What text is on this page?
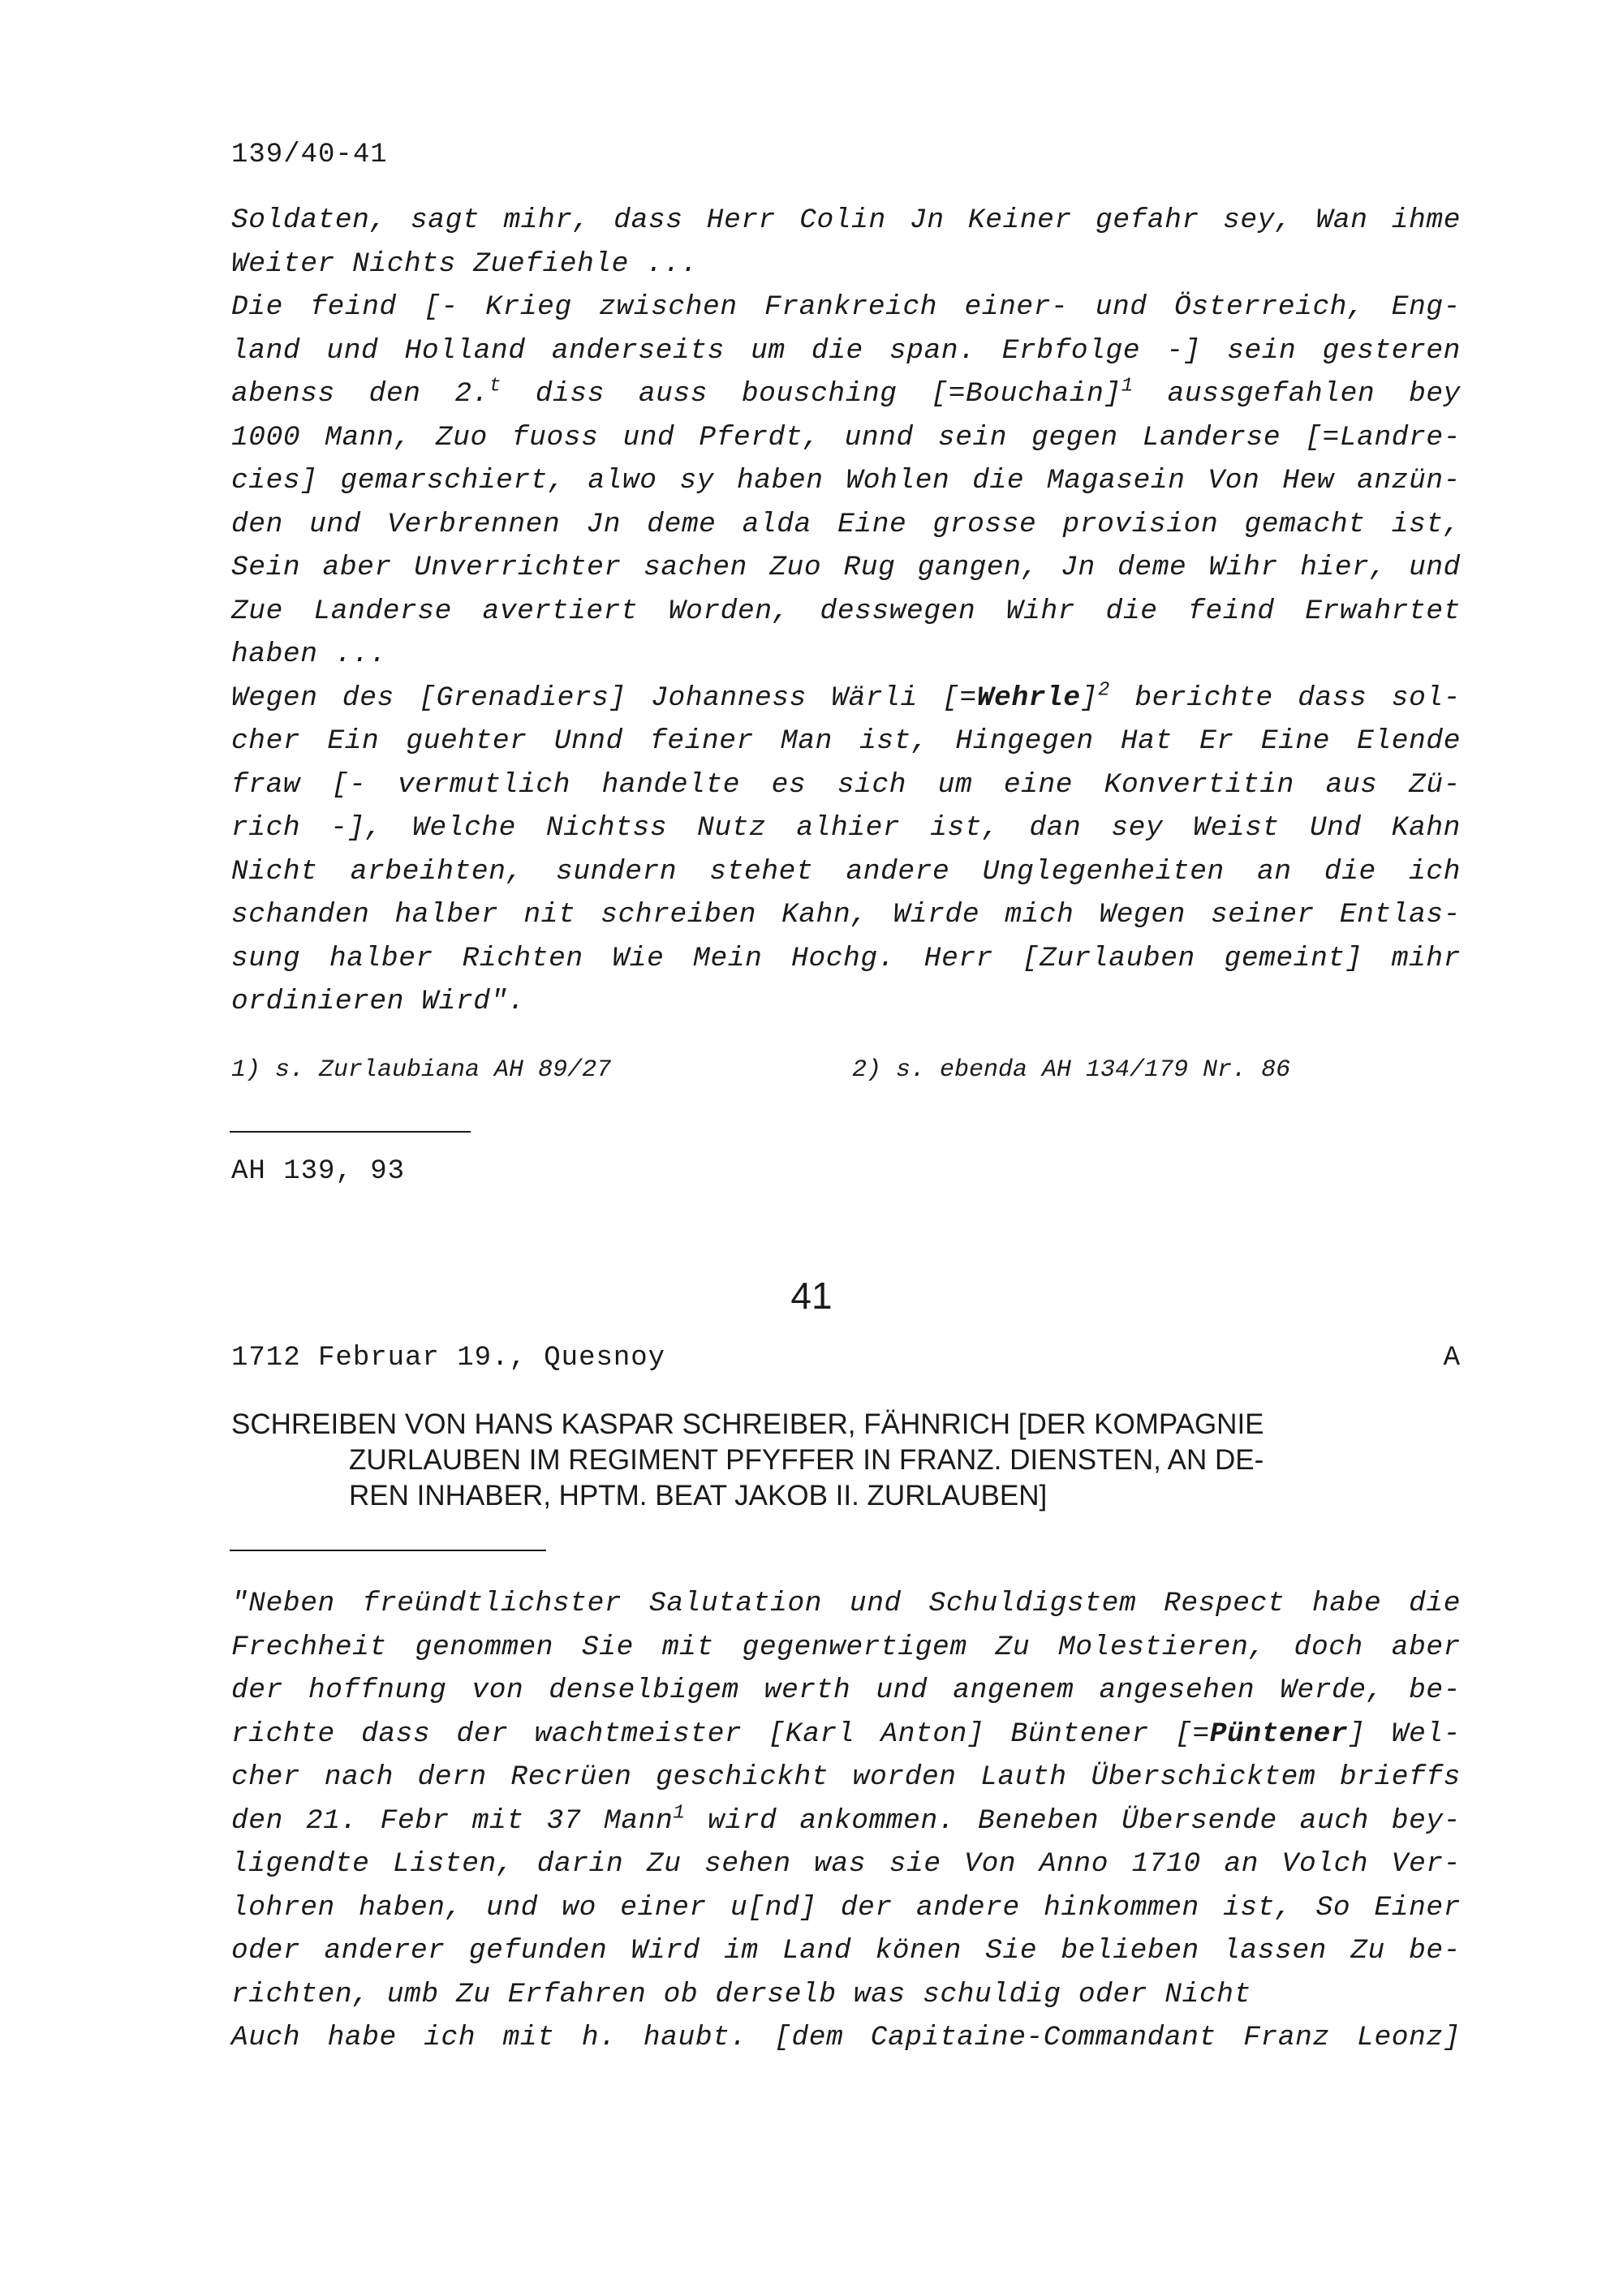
139/40-41
Soldaten, sagt mihr, dass Herr Colin Jn Keiner gefahr sey, Wan ihme
Weiter Nichts Zuefiehle ...
Die feind [- Krieg zwischen Frankreich einer- und Österreich, Eng-
land und Holland anderseits um die span. Erbfolge -] sein gesteren
abenss den 2.$^t$ diss auss bousching [=Bouchain]$^1$ aussgefahlen bey
1000 Mann, Zuo fuoss und Pferdt, unnd sein gegen Landerse [=Landre-
cies] gemarschiert, alwo sy haben Wohlen die Magasein Von Hew anzün-
den und Verbrennen Jn deme alda Eine grosse provision gemacht ist,
Sein aber Unverrichter sachen Zuo Rug gangen, Jn deme Wihr hier, und
Zue Landerse avertiert Worden, desswegen Wihr die feind Erwahrtet
haben ...
Wegen des [Grenadiers] Johanness Wärli [=Wehrle]$^2$ berichte dass sol-
cher Ein guehter Unnd feiner Man ist, Hingegen Hat Er Eine Elende
fraw [- vermutlich handelte es sich um eine Konvertitin aus Zü-
rich -], Welche Nichtss Nutz alhier ist, dan sey Weist Und Kahn
Nicht arbeihten, sundern stehet andere Unglegenheiten an die ich
schanden halber nit schreiben Kahn, Wirde mich Wegen seiner Entlas-
sung halber Richten Wie Mein Hochg. Herr [Zurlauben gemeint] mihr
ordinieren Wird".
1) s. Zurlaubiana AH 89/27	2) s. ebenda AH 134/179 Nr. 86
AH 139, 93
41
1712 Februar 19., Quesnoy	A
SCHREIBEN VON HANS KASPAR SCHREIBER, FÄHNRICH [DER KOMPAGNIE
ZURLAUBEN IM REGIMENT PFYFFER IN FRANZ. DIENSTEN, AN DE-
REN INHABER, HPTM. BEAT JAKOB II. ZURLAUBEN]
"Neben freündtlichster Salutation und Schuldigstem Respect habe die
Frechheit genommen Sie mit gegenwertigem Zu Molestieren, doch aber
der hoffnung von denselbigem werth und angenem angesehen Werde, be-
richte dass der wachtmeister [Karl Anton] Büntener [=Püntener] Wel-
cher nach dern Recrüen geschickht worden Lauth Überschicktem brieffs
den 21. Febr mit 37 Mann$^1$ wird ankommen. Beneben Übersende auch bey-
ligendte Listen, darin Zu sehen was sie Von Anno 1710 an Volch Ver-
lohren haben, und wo einer u[nd] der andere hinkommen ist, So Einer
oder anderer gefunden Wird im Land könen Sie belieben lassen Zu be-
richten, umb Zu Erfahren ob derselb was schuldig oder Nicht
Auch habe ich mit h. haubt. [dem Capitaine-Commandant Franz Leonz]
